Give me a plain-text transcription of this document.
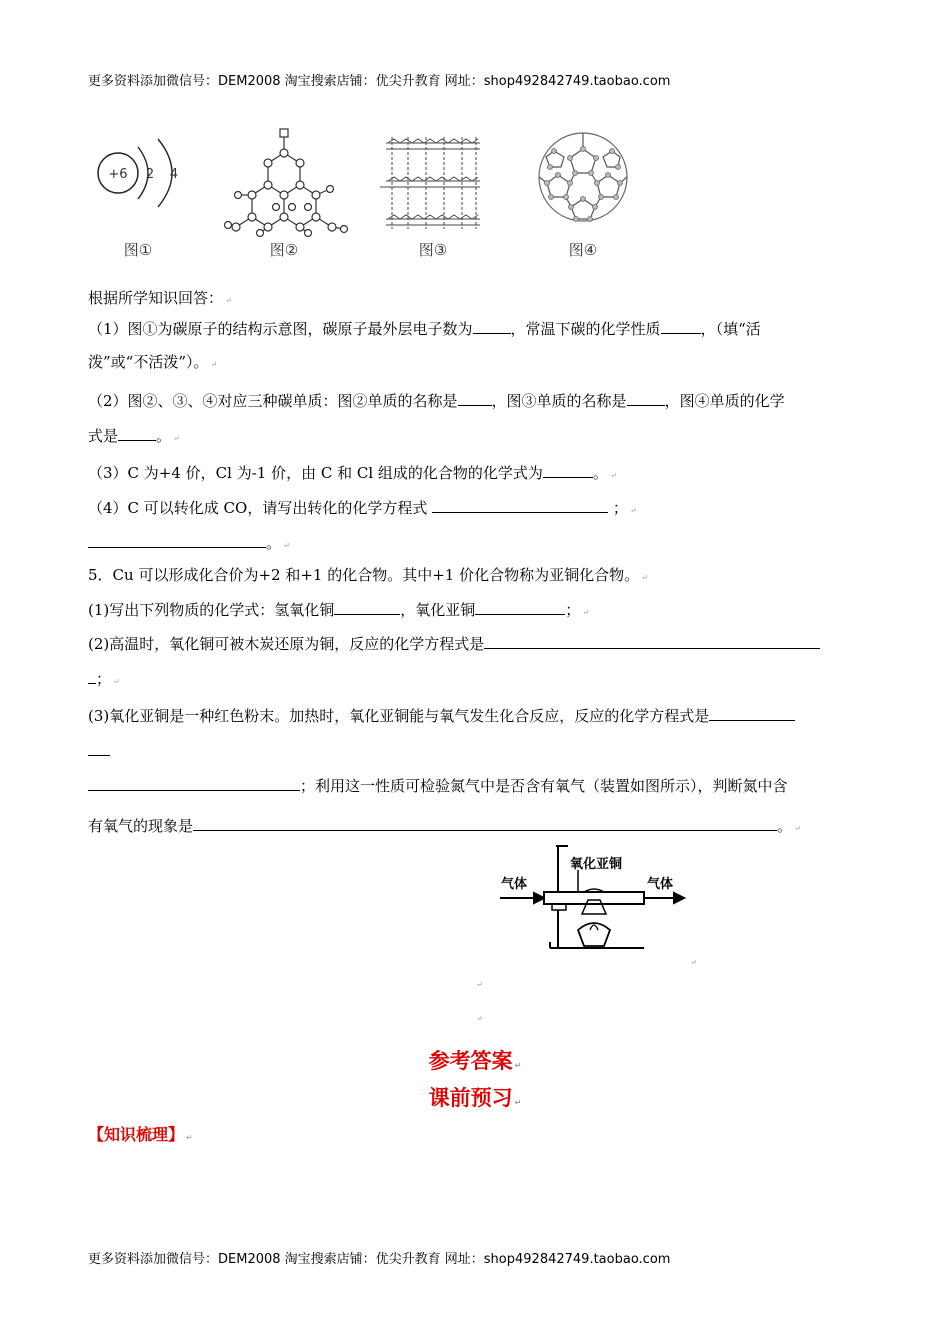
更多资料添加微信号：DEM2008 淘宝搜索店铺：优尖升教育 网址：shop492842749.taobao.com
+6 2 4
图①	图②	图③	图④
根据所学知识回答： ↵
（1）图①为碳原子的结构示意图，碳原子最外层电子数为	，常温下碳的化学性质	，（填“活
泼”或“不活泼”）。 ↵
（2）图②、③、④对应三种碳单质：图②单质的名称是 ，图③单质的名称是	，图④单质的化学
式是	。 ↵
（3）C 为+4 价，Cl 为-1 价，由 C 和 Cl 组成的化合物的化学式为	。 ↵
（4）C 可以转化成 CO，请写出转化的化学方程式	； ↵
。 ↵
5．Cu 可以形成化合价为+2 和+1 的化合物。其中+1 价化合物称为亚铜化合物。 ↵
(1)写出下列物质的化学式：氢氧化铜	，氧化亚铜	； ↵
(2)高温时，氧化铜可被木炭还原为铜，反应的化学方程式是
； ↵
(3)氧化亚铜是一种红色粉末。加热时，氧化亚铜能与氧气发生化合反应，反应的化学方程式是
；利用这一性质可检验氮气中是否含有氧气（装置如图所示），判断氮中含
有氧气的现象是	。 ↵
氧化亚铜
气体	气体
↵
↵
↵
参考答案 ↵
课前预习 ↵
【知识梳理】 ↵
更多资料添加微信号：DEM2008 淘宝搜索店铺：优尖升教育 网址：shop492842749.taobao.com
